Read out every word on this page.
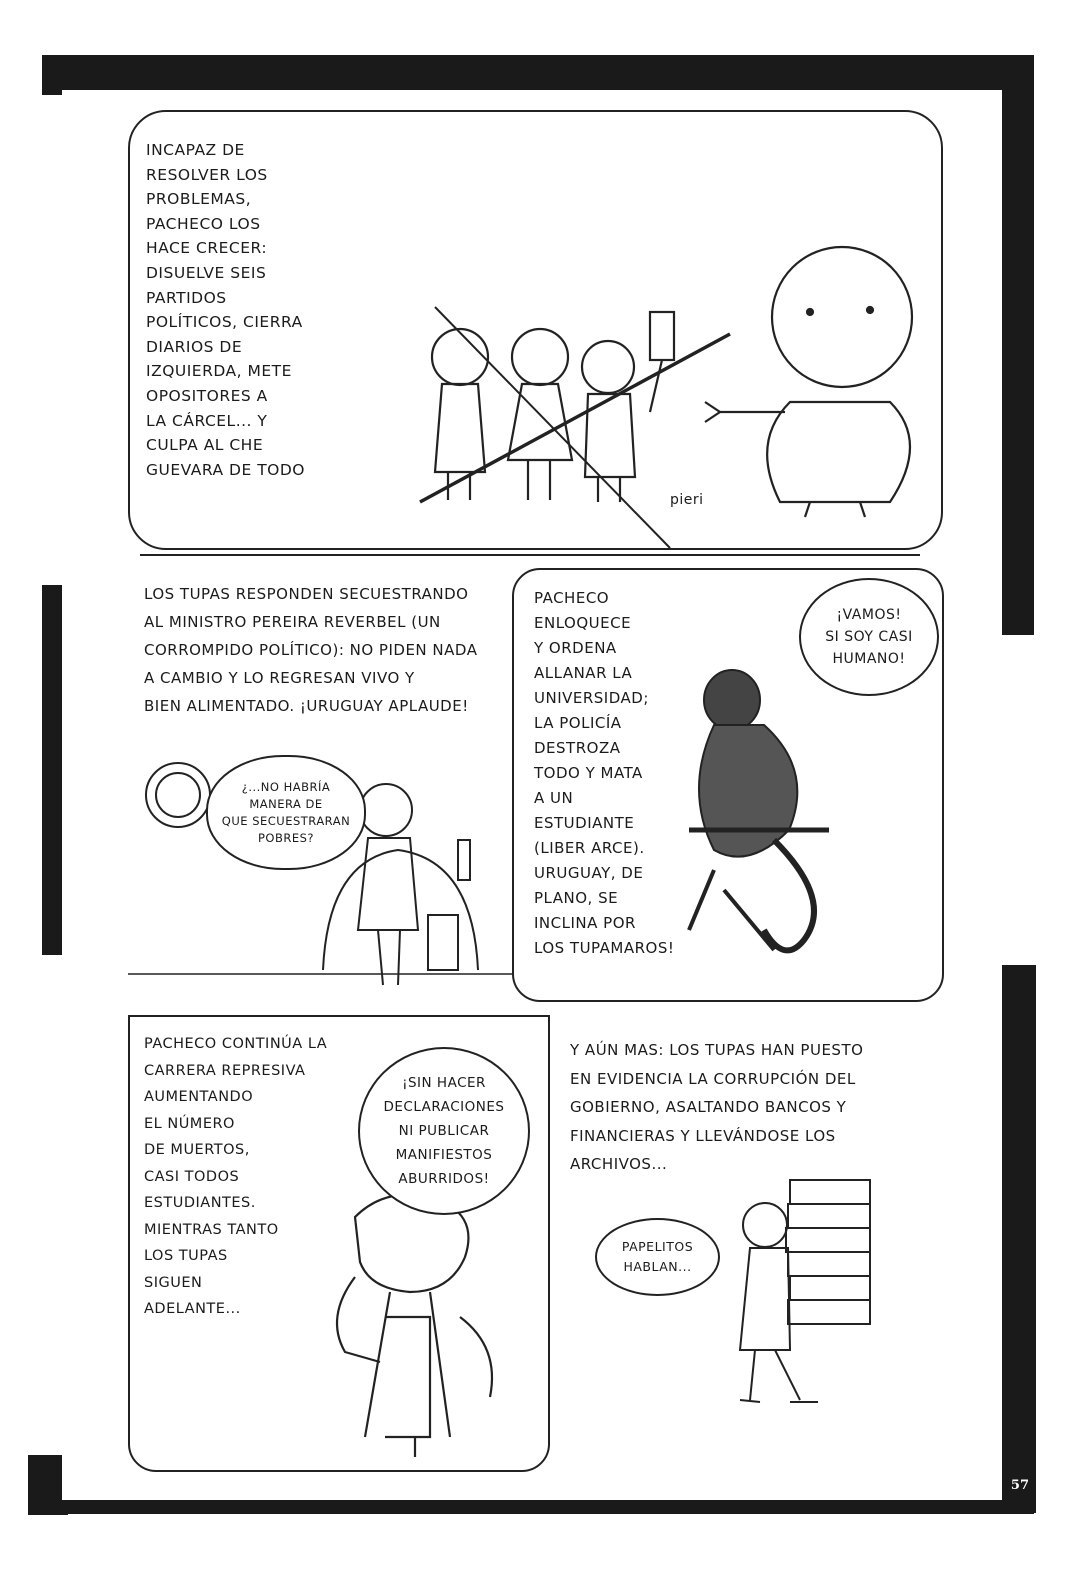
INCAPAZ DE
RESOLVER LOS
PROBLEMAS,
PACHECO LOS
HACE CRECER:
DISUELVE SEIS
PARTIDOS
POLÍTICOS, CIERRA
DIARIOS DE
IZQUIERDA, METE
OPOSITORES A
LA CÁRCEL... Y
CULPA AL CHE
GUEVARA DE TODO
pieri
LOS TUPAS RESPONDEN SECUESTRANDO
AL MINISTRO PEREIRA REVERBEL (UN
CORROMPIDO POLÍTICO): NO PIDEN NADA
A CAMBIO Y LO REGRESAN VIVO Y
BIEN ALIMENTADO. ¡URUGUAY APLAUDE!
¿...NO HABRÍA
MANERA DE
QUE SECUESTRARAN
POBRES?
PACHECO
ENLOQUECE
Y ORDENA
ALLANAR LA
UNIVERSIDAD;
LA POLICÍA
DESTROZA
TODO Y MATA
A UN
ESTUDIANTE
(LIBER ARCE).
URUGUAY, DE
PLANO, SE
INCLINA POR
LOS TUPAMAROS!
¡VAMOS!
SI SOY CASI
HUMANO!
PACHECO CONTINÚA LA
CARRERA REPRESIVA
AUMENTANDO
EL NÚMERO
DE MUERTOS,
CASI TODOS
ESTUDIANTES.
MIENTRAS TANTO
LOS TUPAS
SIGUEN
ADELANTE...
¡SIN HACER
DECLARACIONES
NI PUBLICAR
MANIFIESTOS
ABURRIDOS!
Y AÚN MAS: LOS TUPAS HAN PUESTO
EN EVIDENCIA LA CORRUPCIÓN DEL
GOBIERNO, ASALTANDO BANCOS Y
FINANCIERAS Y LLEVÁNDOSE LOS
ARCHIVOS...
PAPELITOS
HABLAN...
57
